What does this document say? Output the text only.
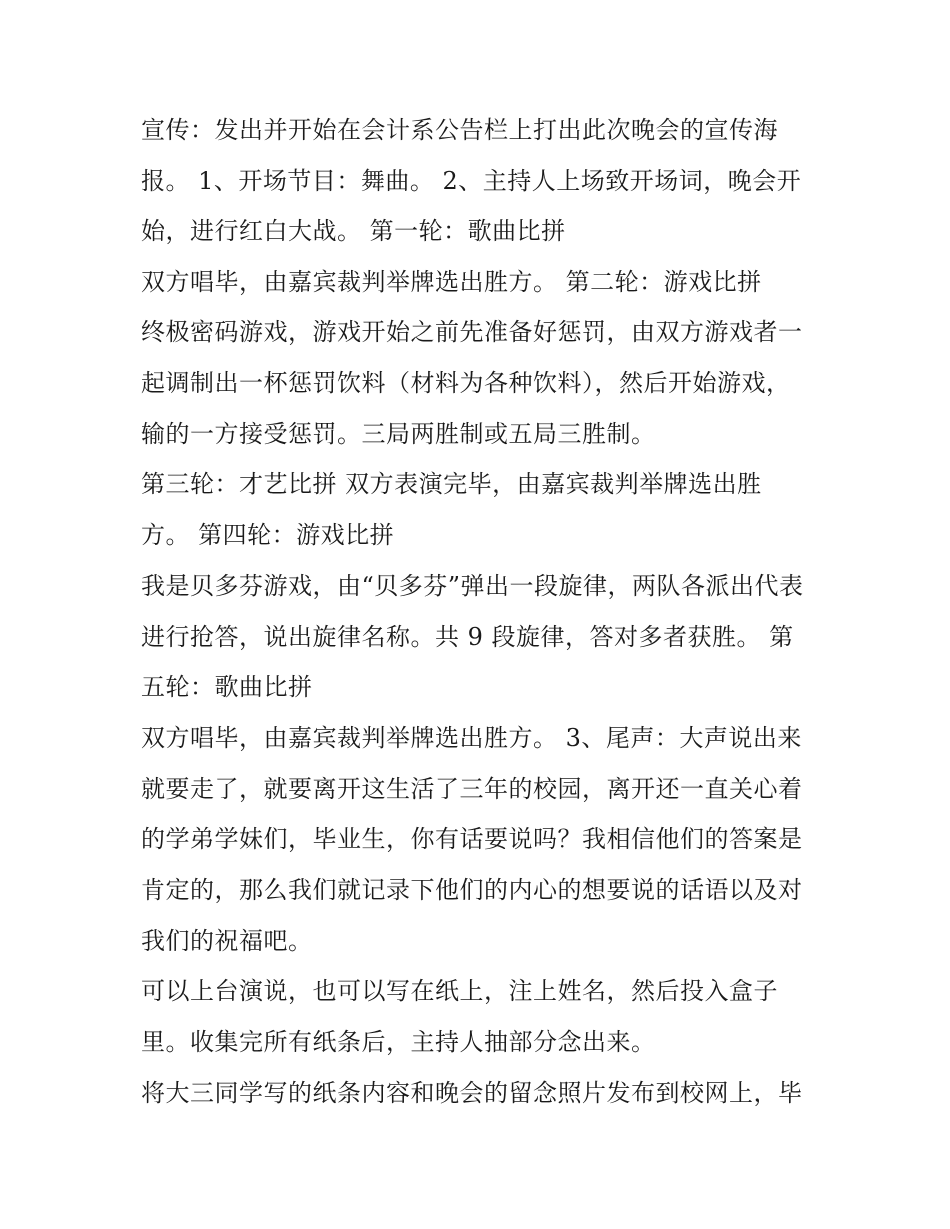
宣传：发出并开始在会计系公告栏上打出此次晚会的宣传海
报。 1、开场节目：舞曲。 2、主持人上场致开场词，晚会开
始，进行红白大战。 第一轮：歌曲比拼
双方唱毕，由嘉宾裁判举牌选出胜方。 第二轮：游戏比拼
终极密码游戏，游戏开始之前先准备好惩罚，由双方游戏者一
起调制出一杯惩罚饮料（材料为各种饮料），然后开始游戏，
输的一方接受惩罚。三局两胜制或五局三胜制。
第三轮：才艺比拼 双方表演完毕，由嘉宾裁判举牌选出胜
方。 第四轮：游戏比拼
我是贝多芬游戏，由“贝多芬”弹出一段旋律，两队各派出代表
进行抢答，说出旋律名称。共 9 段旋律，答对多者获胜。 第
五轮：歌曲比拼
双方唱毕，由嘉宾裁判举牌选出胜方。 3、尾声：大声说出来
就要走了，就要离开这生活了三年的校园，离开还一直关心着
的学弟学妹们，毕业生，你有话要说吗？我相信他们的答案是
肯定的，那么我们就记录下他们的内心的想要说的话语以及对
我们的祝福吧。
可以上台演说，也可以写在纸上，注上姓名，然后投入盒子
里。收集完所有纸条后，主持人抽部分念出来。
将大三同学写的纸条内容和晚会的留念照片发布到校网上，毕
